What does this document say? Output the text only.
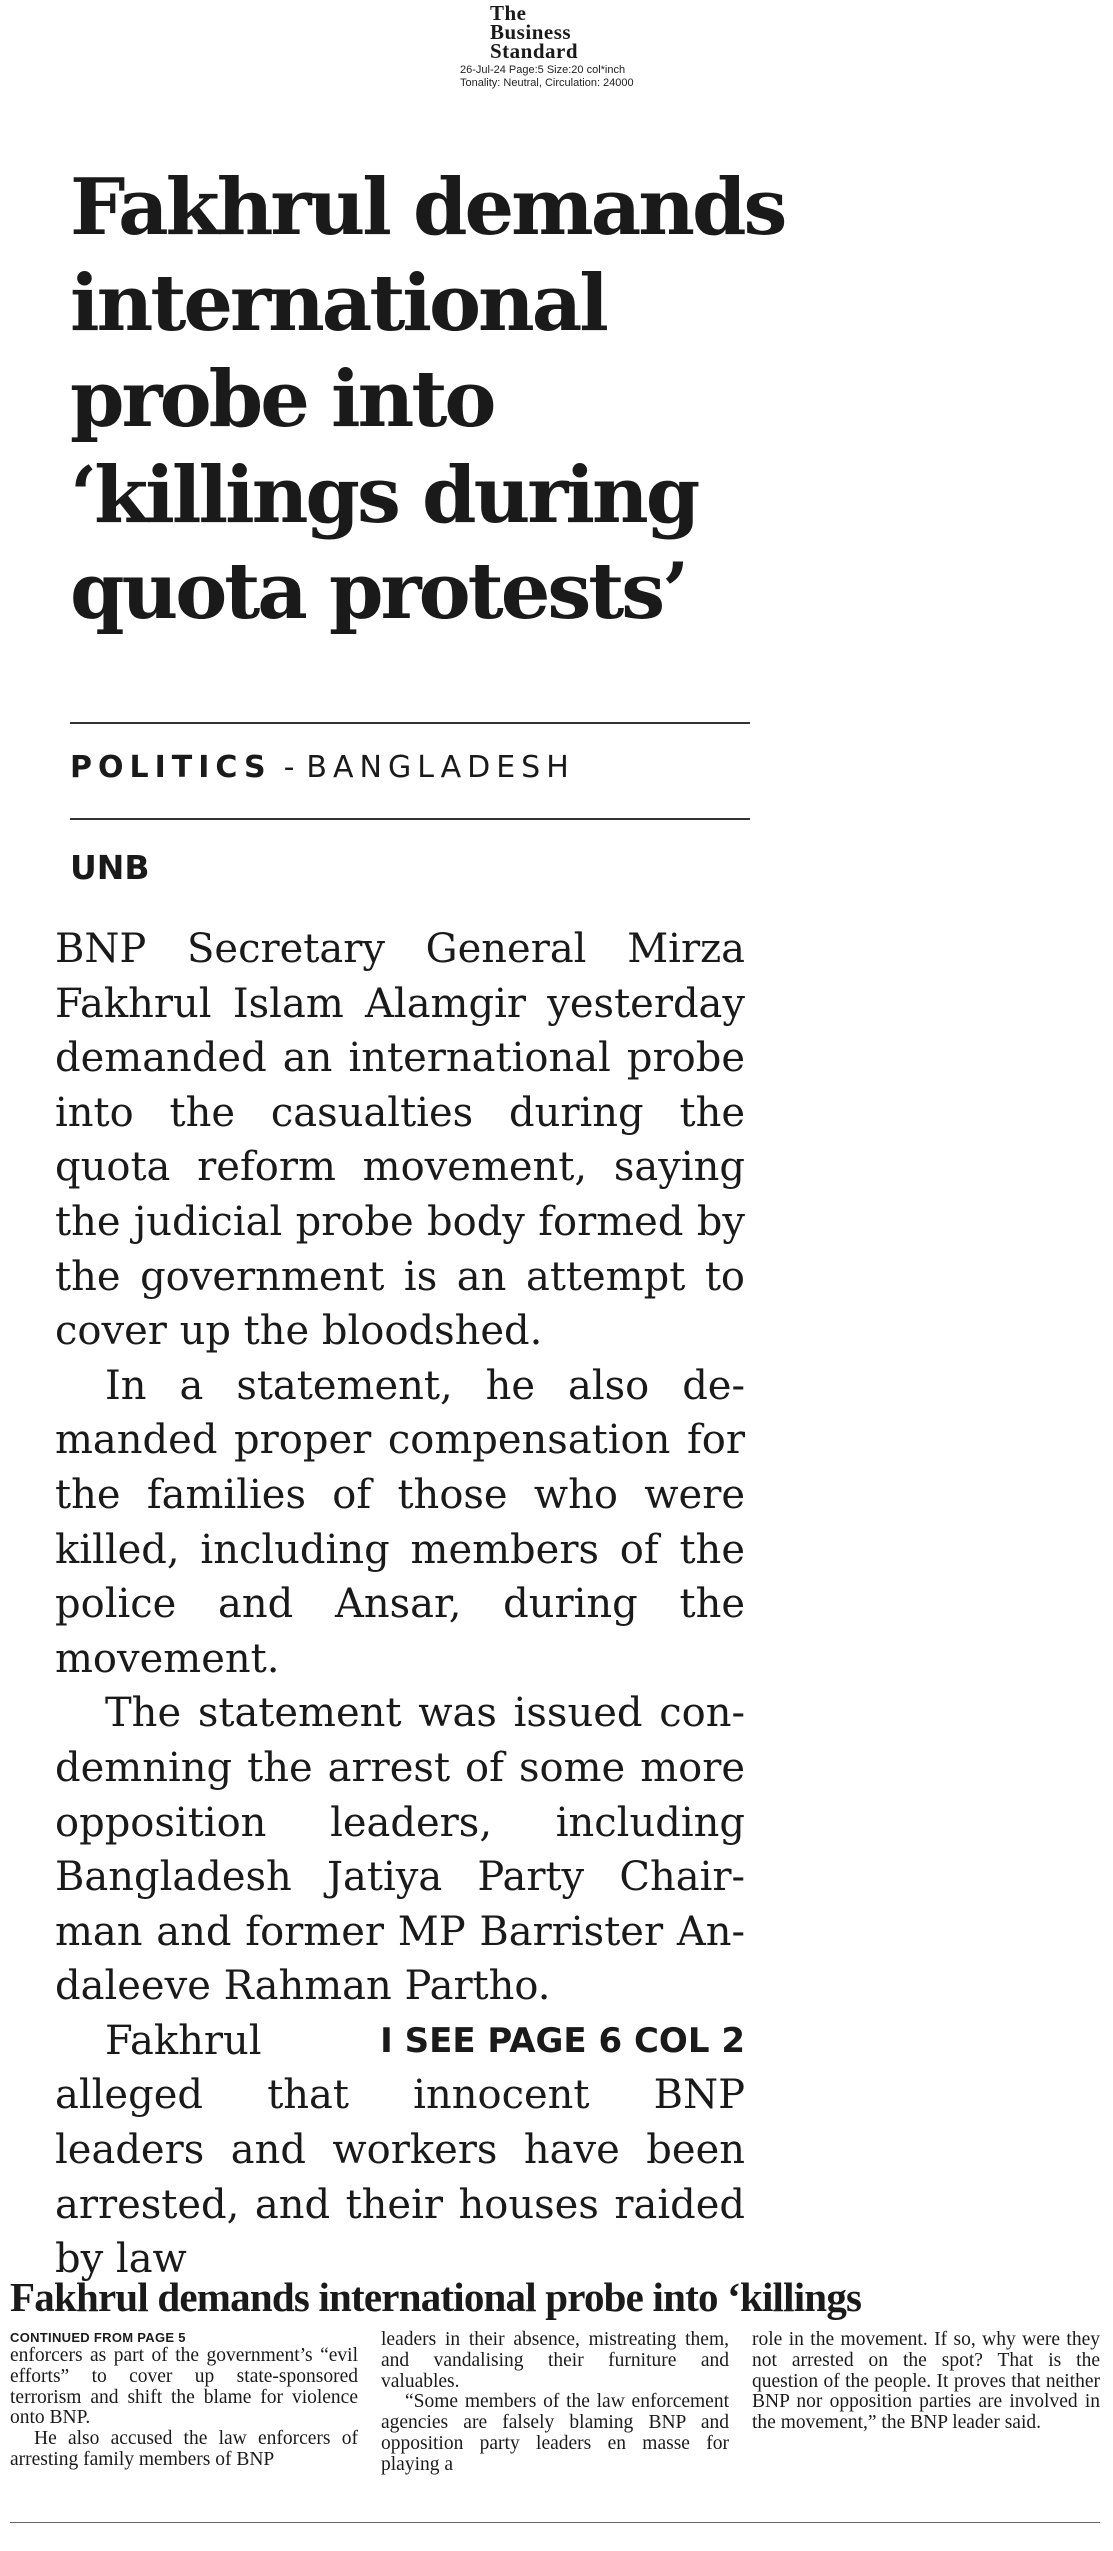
The
Business
Standard
26-Jul-24 Page:5 Size:20 col*inch
Tonality: Neutral, Circulation: 24000
Fakhrul demands
international
probe into
‘killings during
quota protests’
POLITICS - BANGLADESH
UNB

BNP Secretary General Mirza Fakhrul Islam Alamgir yesterday demanded an international probe into the casualties during the quota reform movement, saying the judicial probe body formed by the government is an attempt to cover up the bloodshed.

In a statement, he also demanded proper compensation for the families of those who were killed, including members of the police and Ansar, during the movement.

The statement was issued condemning the arrest of some more opposition leaders, including Bangladesh Jatiya Party Chairman and former MP Barrister Andaleeve Rahman Partho.

I SEE PAGE 6 COL 2
Fakhrul alleged that innocent BNP leaders and workers have been arrested, and their houses raided by law

Fakhrul demands international probe into ‘killings
CONTINUED FROM PAGE 5

enforcers as part of the government’s “evil efforts” to cover up state-sponsored terrorism and shift the blame for violence onto BNP.

He also accused the law enforcers of arresting family members of BNP

leaders in their absence, mistreating them, and vandalising their furniture and valuables.

“Some members of the law enforcement agencies are falsely blaming BNP and opposition party leaders en masse for playing a

role in the movement. If so, why were they not arrested on the spot? That is the question of the people. It proves that neither BNP nor opposition parties are involved in the movement,” the BNP leader said.
